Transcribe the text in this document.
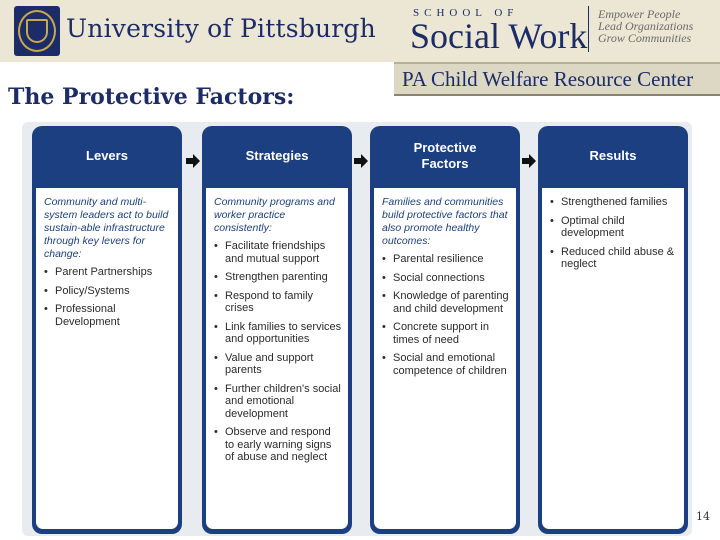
University of Pittsburgh
SCHOOL OF
Social Work
Empower People
Lead Organizations
Grow Communities
PA Child Welfare Resource Center
The Protective Factors:
Levers
Community and multi-system leaders act to build sustain-able infrastructure through key levers for change:
• Parent Partnerships
• Policy/Systems
• Professional Development
Strategies
Community programs and worker practice consistently:
• Facilitate friendships and mutual support
• Strengthen parenting
• Respond to family crises
• Link families to services and opportunities
• Value and support parents
• Further children's social and emotional development
• Observe and respond to early warning signs of abuse and neglect
Protective Factors
Families and communities build protective factors that also promote healthy outcomes:
• Parental resilience
• Social connections
• Knowledge of parenting and child development
• Concrete support in times of need
• Social and emotional competence of children
Results
• Strengthened families
• Optimal child development
• Reduced child abuse & neglect
14
